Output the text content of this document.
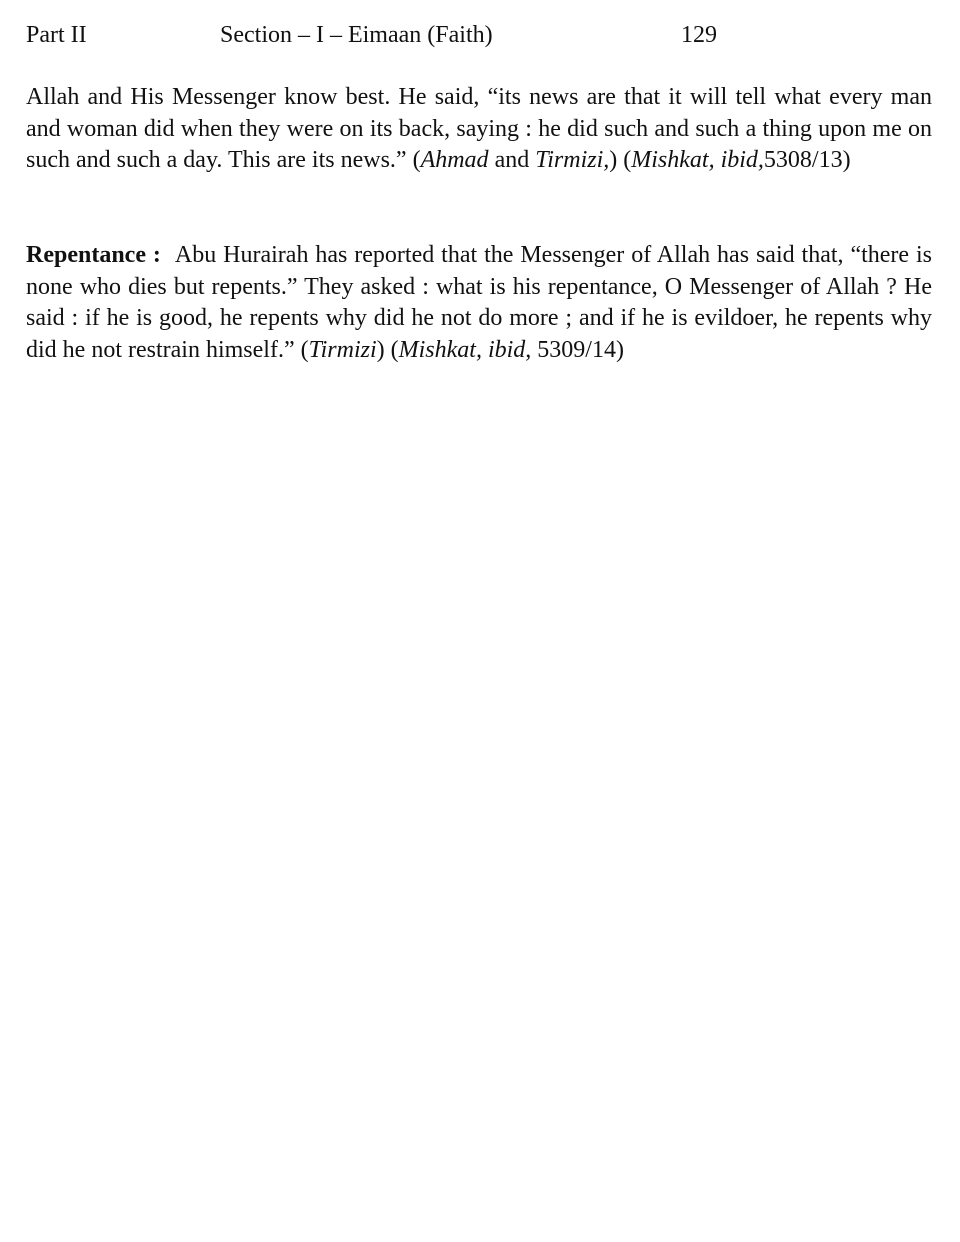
Part II	Section – I – Eimaan (Faith)	129

Allah and His Messenger know best. He said, “its news are that it will tell what every man and woman did when they were on its back, saying : he did such and such a thing upon me on such and such a day. This are its news.” (Ahmad and Tirmizi,) (Mishkat, ibid,5308/13)

Repentance : Abu Hurairah has reported that the Messenger of Allah has said that, “there is none who dies but repents.” They asked : what is his repentance, O Messenger of Allah ? He said : if he is good, he repents why did he not do more ; and if he is evildoer, he repents why did he not restrain himself.” (Tirmizi) (Mishkat, ibid, 5309/14)
